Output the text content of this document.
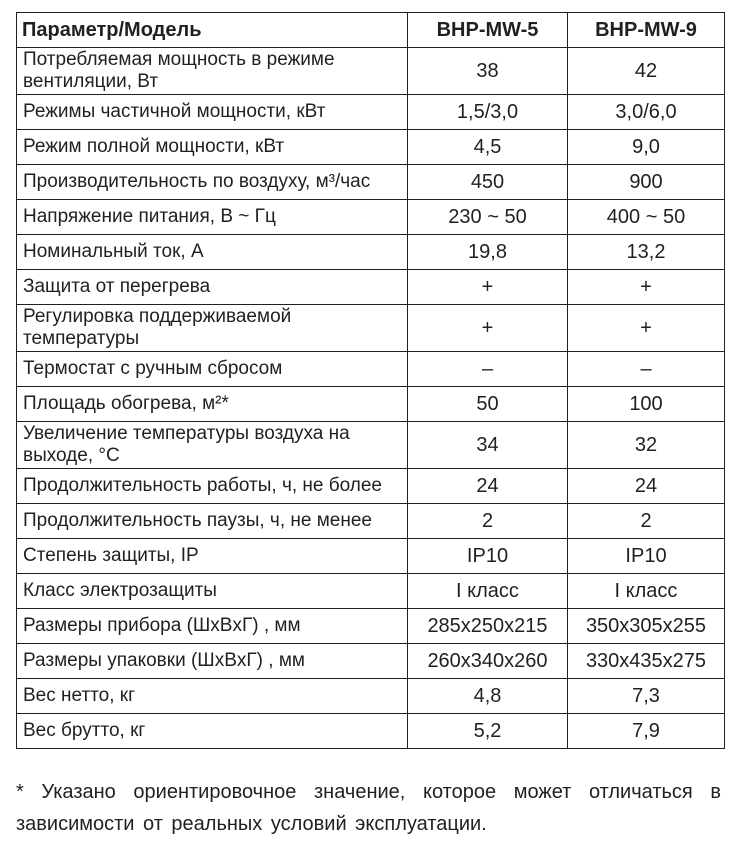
Параметр/Модель	BHP-MW-5	BHP-MW-9
Потребляемая мощность в режиме вентиляции, Вт	38	42
Режимы частичной мощности, кВт	1,5/3,0	3,0/6,0
Режим полной мощности, кВт	4,5	9,0
Производительность по воздуху, м³/час	450	900
Напряжение питания, В ~ Гц	230 ~ 50	400 ~ 50
Номинальный ток, А	19,8	13,2
Защита от перегрева	+	+
Регулировка поддерживаемой температуры	+	+
Термостат с ручным сбросом	–	–
Площадь обогрева, м²*	50	100
Увеличение температуры воздуха на выходе, °С	34	32
Продолжительность работы, ч, не более	24	24
Продолжительность паузы, ч, не менее	2	2
Степень защиты, IP	IP10	IP10
Класс электрозащиты	I класс	I класс
Размеры прибора (ШxВxГ) , мм	285x250x215	350x305x255
Размеры упаковки (ШxВxГ) , мм	260x340x260	330x435x275
Вес нетто, кг	4,8	7,3
Вес брутто, кг	5,2	7,9
* Указано ориентировочное значение, которое может отличаться в зависимости от реальных условий эксплуатации.
